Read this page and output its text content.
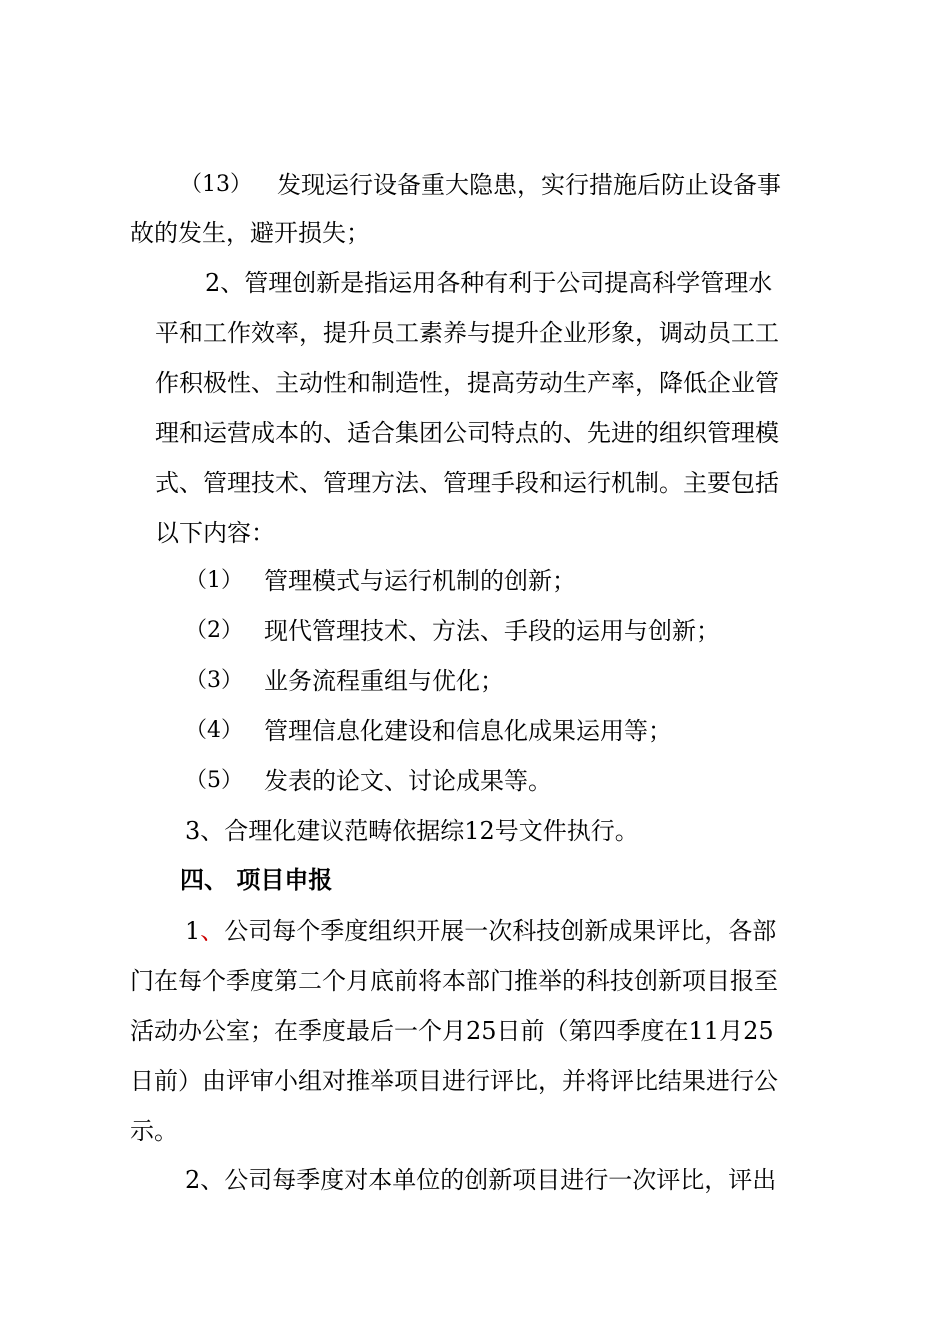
（13） 发现运行设备重大隐患，实行措施后防止设备事
故的发生，避开损失；
2、管理创新是指运用各种有利于公司提高科学管理水
平和工作效率，提升员工素养与提升企业形象，调动员工工
作积极性、主动性和制造性，提高劳动生产率，降低企业管
理和运营成本的、适合集团公司特点的、先进的组织管理模
式、管理技术、管理方法、管理手段和运行机制。主要包括
以下内容：
（1） 管理模式与运行机制的创新；
（2） 现代管理技术、方法、手段的运用与创新；
（3） 业务流程重组与优化；
（4） 管理信息化建设和信息化成果运用等；
（5） 发表的论文、讨论成果等。
3、合理化建议范畴依据综12号文件执行。
四、 项目申报
1、公司每个季度组织开展一次科技创新成果评比，各部
门在每个季度第二个月底前将本部门推举的科技创新项目报至
活动办公室；在季度最后一个月25日前（第四季度在11月25
日前）由评审小组对推举项目进行评比，并将评比结果进行公
示。
2、公司每季度对本单位的创新项目进行一次评比，评出
